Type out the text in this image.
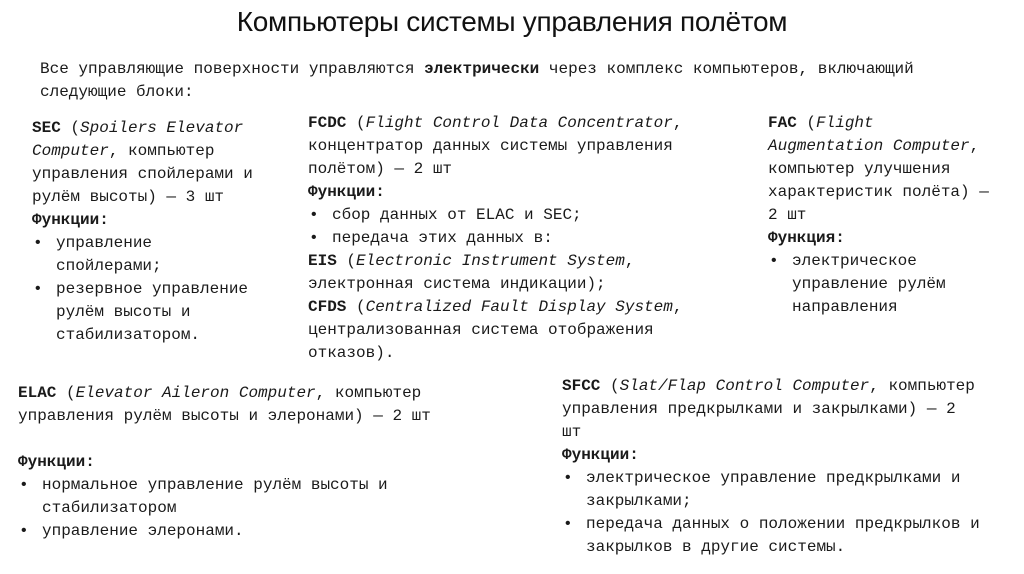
Компьютеры системы управления полётом

Все управляющие поверхности управляются электрически через комплекс компьютеров, включающий следующие блоки:

SEC (Spoilers Elevator Computer, компьютер управления спойлерами и рулём высоты) — 3 шт

Функции:

• управление спойлерами;
• резервное управление рулём высоты и стабилизатором.

FCDC (Flight Control Data Concentrator, концентратор данных системы управления полётом) — 2 шт

Функции:

• сбор данных от ELAC и SEC;
• передача этих данных в:

EIS (Electronic Instrument System, электронная система индикации);

CFDS (Centralized Fault Display System, централизованная система отображения отказов).

FAC (Flight Augmentation Computer, компьютер улучшения характеристик полёта) — 2 шт

Функция:

• электрическое управление рулём направления

ELAC (Elevator Aileron Computer, компьютер управления рулём высоты и элеронами) — 2 шт

Функции:

• нормальное управление рулём высоты и стабилизатором
• управление элеронами.

SFCC (Slat/Flap Control Computer, компьютер управления предкрылками и закрылками) — 2 шт

Функции:

• электрическое управление предкрылками и закрылками;
• передача данных о положении предкрылков и закрылков в другие системы.
